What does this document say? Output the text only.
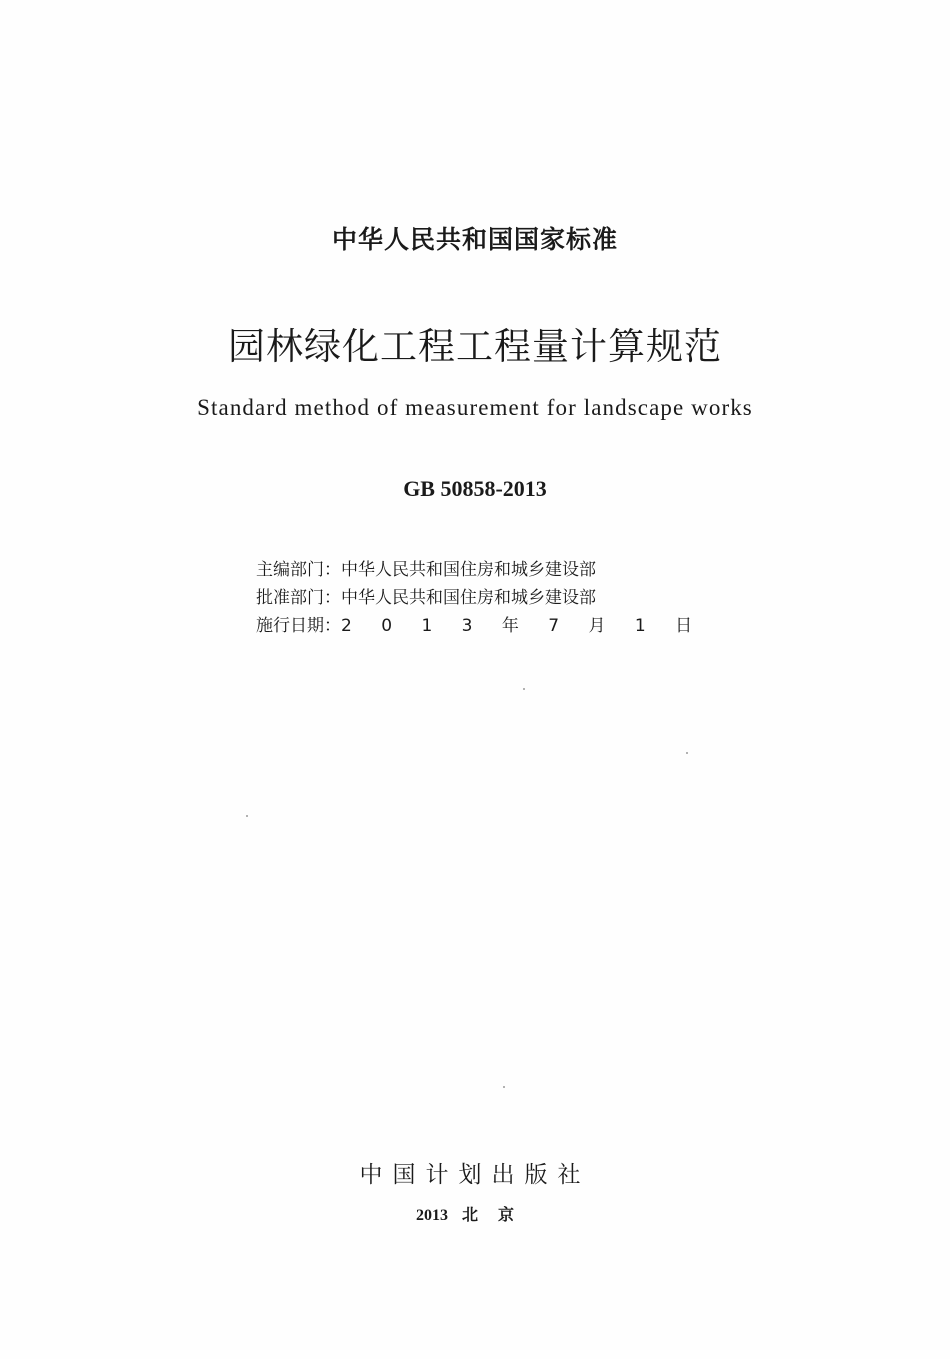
中华人民共和国国家标准
园林绿化工程工程量计算规范
Standard method of measurement for landscape works
GB 50858-2013
主编部门：中华人民共和国住房和城乡建设部
批准部门：中华人民共和国住房和城乡建设部
施行日期：2 0 1 3 年 7 月 1 日
中国计划出版社
2013 北京
